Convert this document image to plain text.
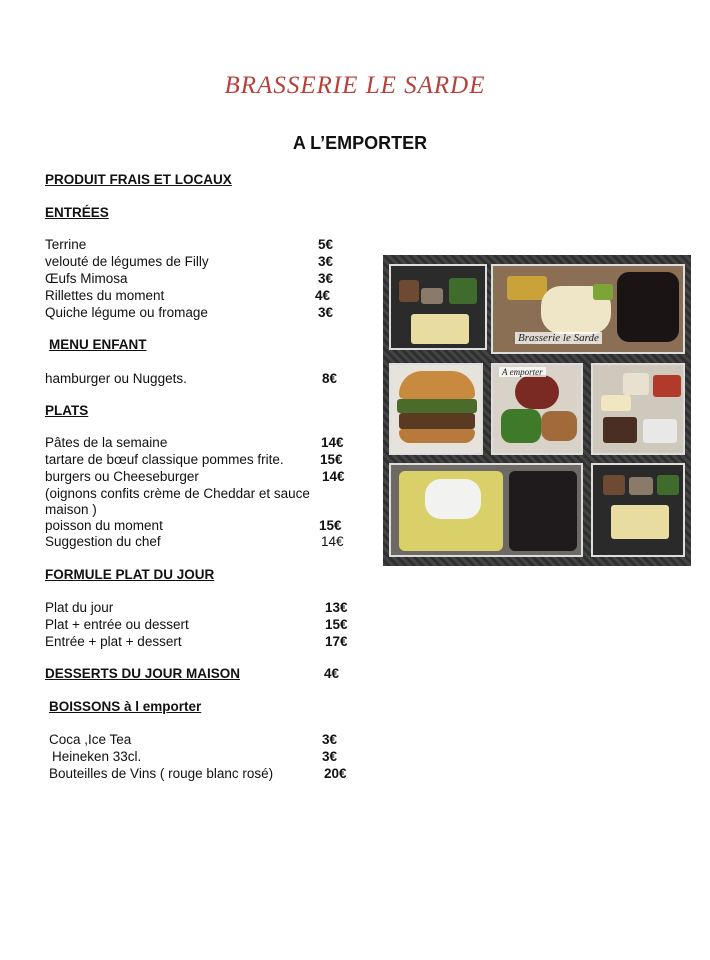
BRASSERIE LE SARDE
A L’EMPORTER
PRODUIT FRAIS ET LOCAUX
ENTRÉES
Terrine	5€
velouté de légumes de Filly	3€
Œufs Mimosa	3€
Rillettes du moment	4€
Quiche légume ou fromage	3€
MENU ENFANT
hamburger ou Nuggets.	8€
PLATS
Pâtes de la semaine	14€
tartare de bœuf classique pommes frite.	15€
burgers ou Cheeseburger	14€
(oignons confits crème de Cheddar et sauce
maison )
poisson du moment	15€
Suggestion du chef	14€
FORMULE PLAT DU JOUR
Plat du jour	13€
Plat + entrée ou dessert	15€
Entrée + plat + dessert	17€
DESSERTS DU JOUR MAISON	4€
BOISSONS à l emporter
Coca ,Ice Tea	3€
Heineken 33cl.	3€
Bouteilles de Vins ( rouge blanc rosé)	20€
Brasserie le Sarde
A emporter
